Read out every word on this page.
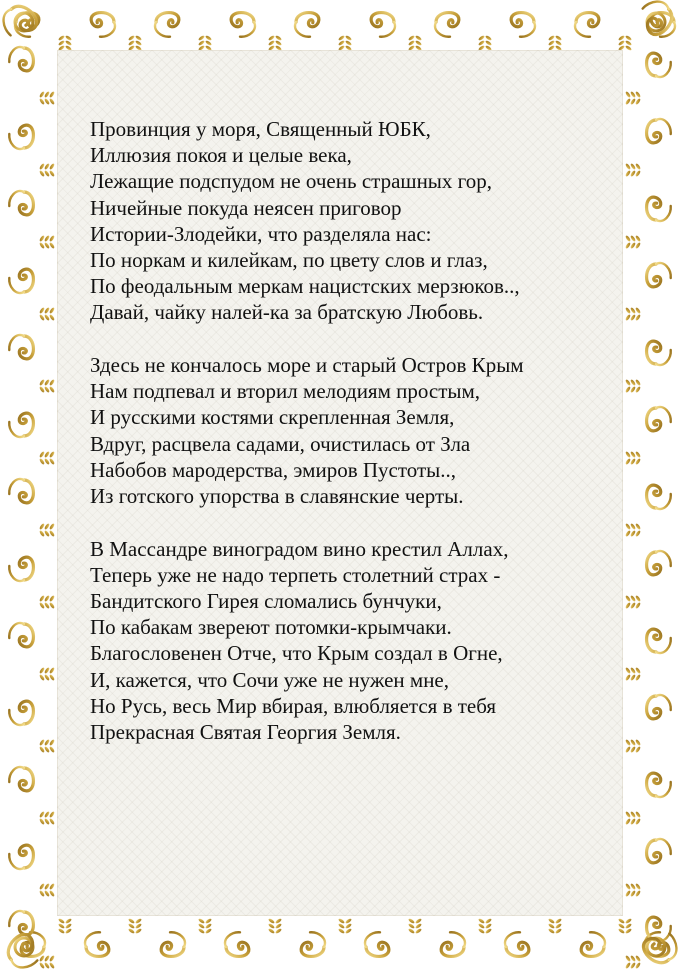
Провинция у моря, Священный ЮБК,
Иллюзия покоя и целые века,
Лежащие подспудом не очень страшных гор,
Ничейные покуда неясен приговор
Истории-Злодейки, что разделяла нас:
По норкам и килейкам, по цвету слов и глаз,
По феодальным меркам нацистских мерзюков..,
Давай, чайку налей-ка за братскую Любовь.
Здесь не кончалось море и старый Остров Крым
Нам подпевал и вторил мелодиям простым,
И русскими костями скрепленная Земля,
Вдруг, расцвела садами, очистилась от Зла
Набобов мародерства, эмиров Пустоты..,
Из готского упорства в славянские черты.
В Массандре виноградом вино крестил Аллах,
Теперь уже не надо терпеть столетний страх -
Бандитского Гирея сломались бунчуки,
По кабакам звереют потомки-крымчаки.
Благословенен Отче, что Крым создал в Огне,
И, кажется, что Сочи уже не нужен мне,
Но Русь, весь Мир вбирая, влюбляется в тебя
Прекрасная Святая Георгия Земля.
